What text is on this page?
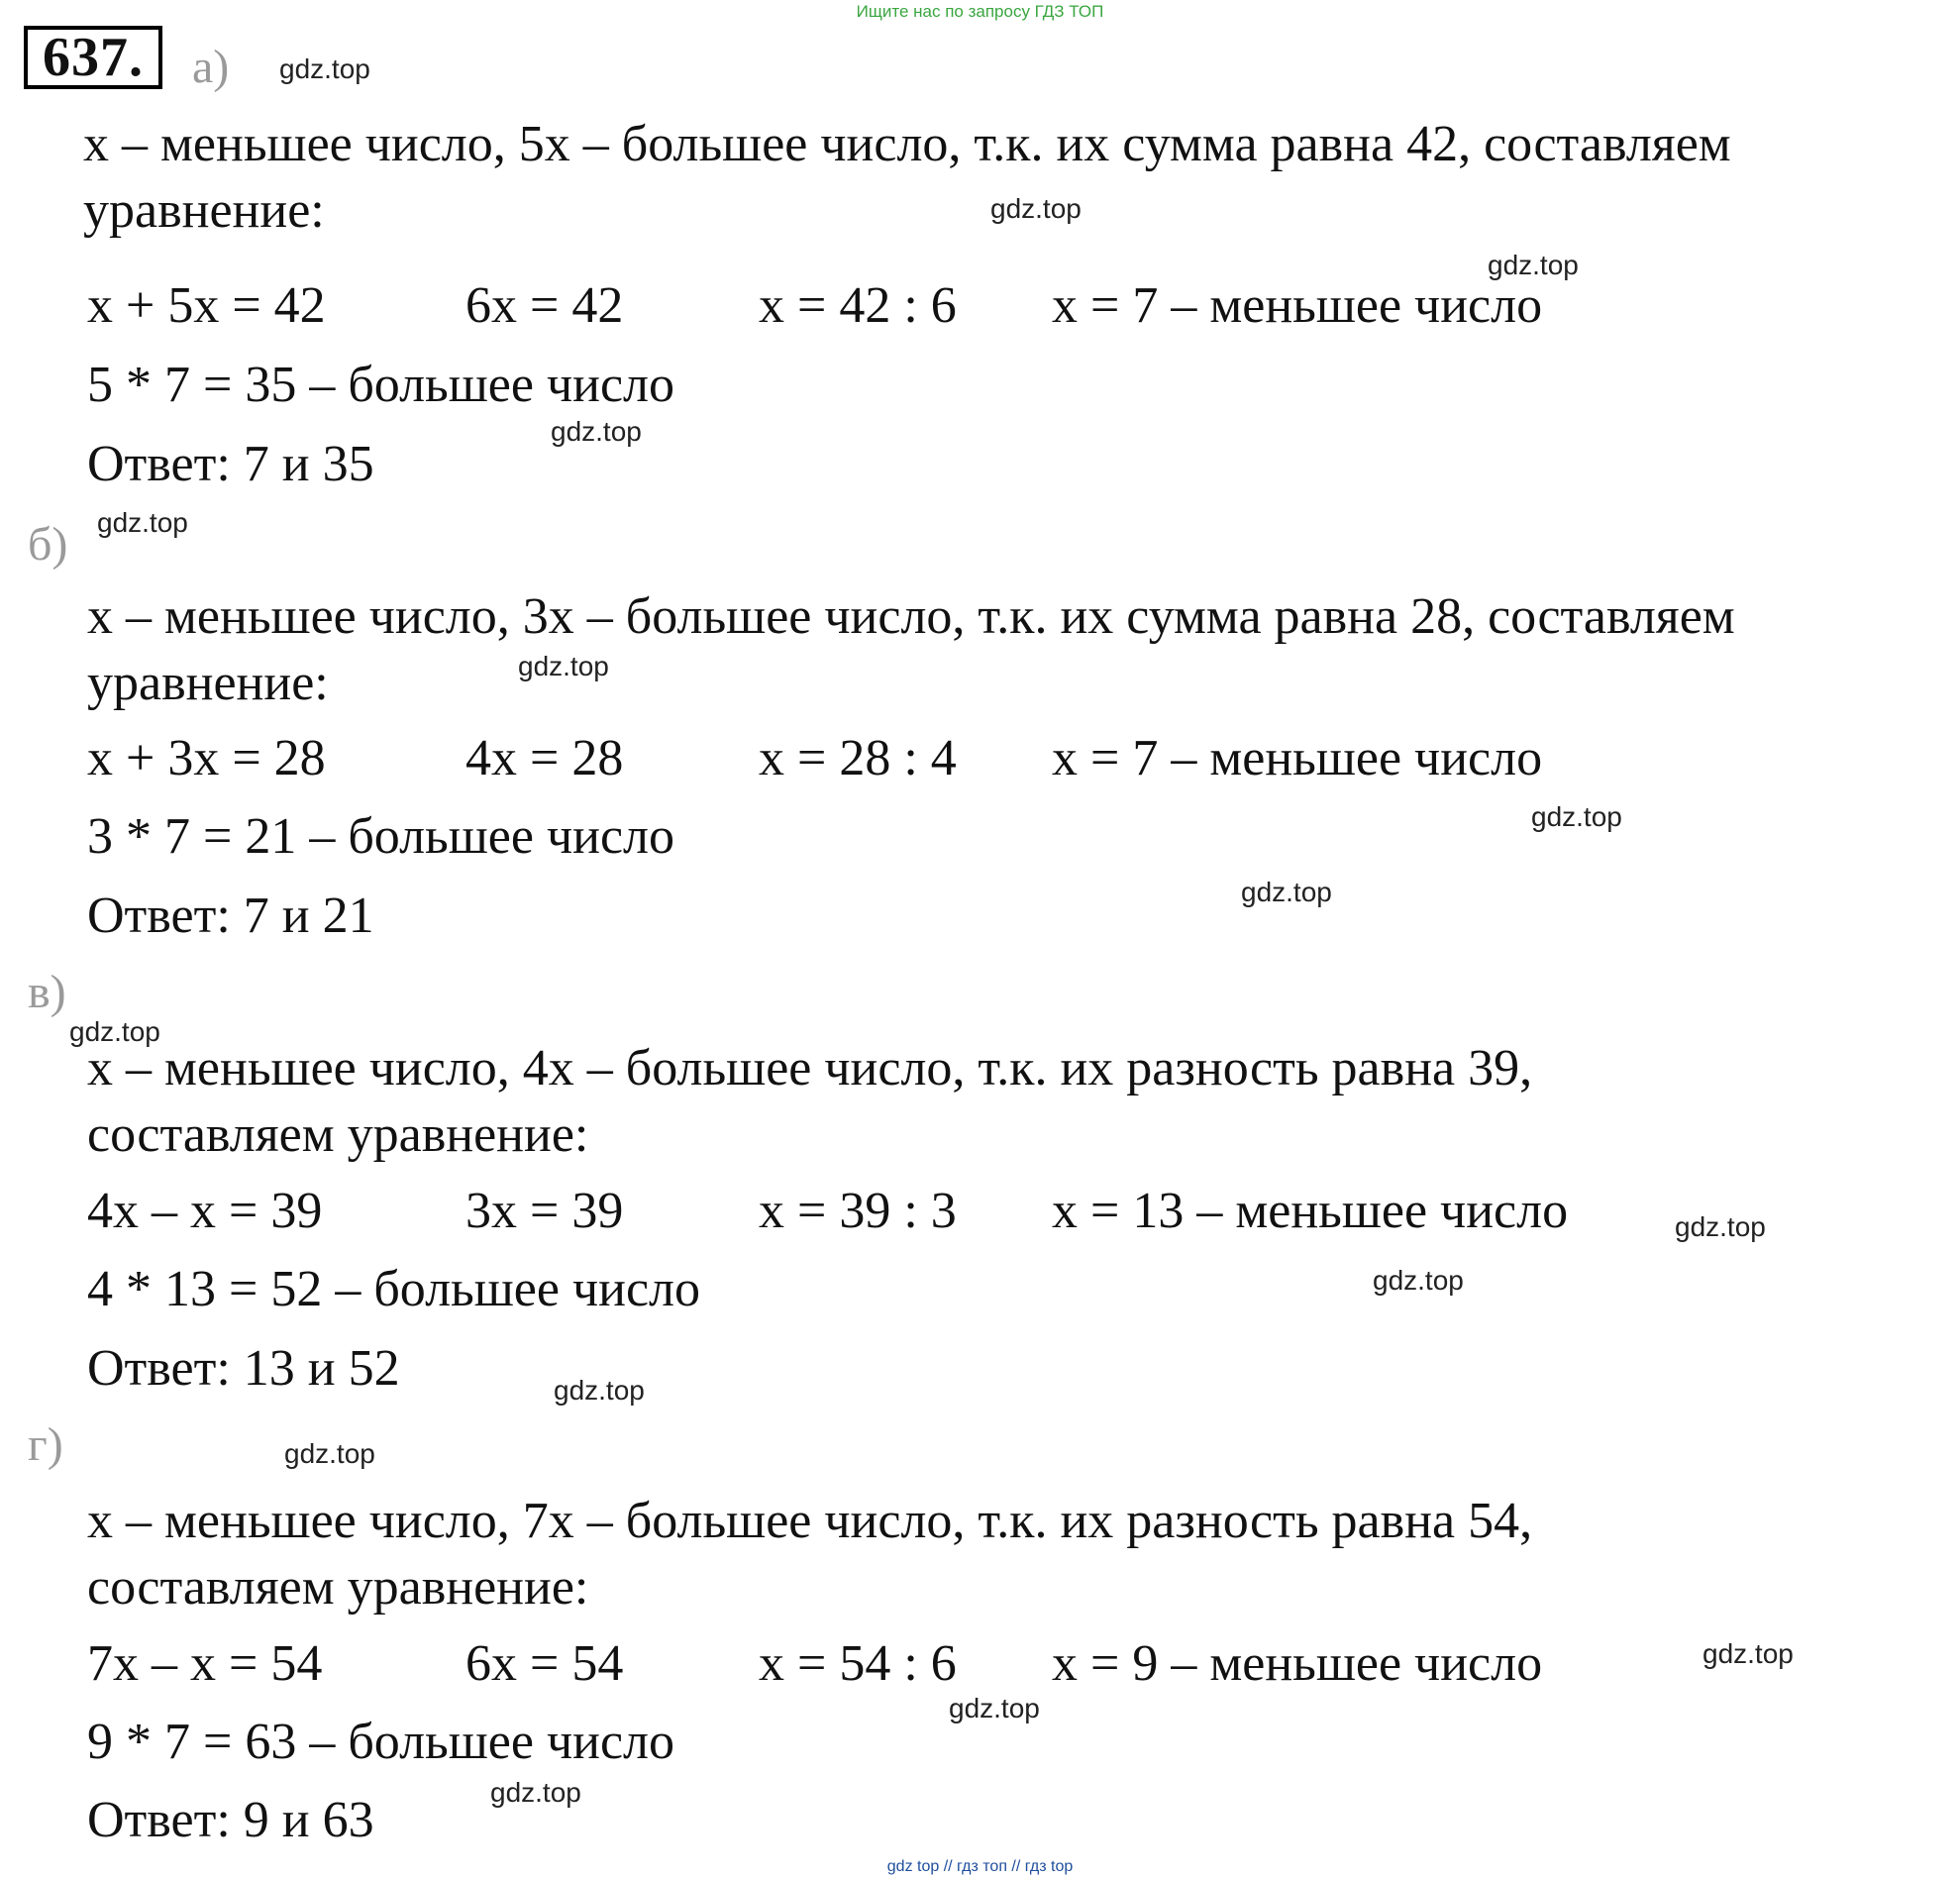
Ищите нас по запросу ГДЗ ТОП
637.	а)
x – меньшее число, 5x – большее число, т.к. их сумма равна 42, составляем
уравнение:
x + 5x = 42	6x = 42	x = 42 : 6 x = 7 – меньшее число
5 * 7 = 35 – большее число
Ответ: 7 и 35
б)
x – меньшее число, 3x – большее число, т.к. их сумма равна 28, составляем
уравнение:
x + 3x = 28	4x = 28	x = 28 : 4 x = 7 – меньшее число
3 * 7 = 21 – большее число
Ответ: 7 и 21
в)
x – меньшее число, 4x – большее число, т.к. их разность равна 39,
составляем уравнение:
4x – x = 39	3x = 39	x = 39 : 3 x = 13 – меньшее число
4 * 13 = 52 – большее число
Ответ: 13 и 52
г)
x – меньшее число, 7x – большее число, т.к. их разность равна 54,
составляем уравнение:
7x – x = 54	6x = 54	x = 54 : 6 x = 9 – меньшее число
9 * 7 = 63 – большее число
Ответ: 9 и 63
gdz.top
gdz.top
gdz.top
gdz.top
gdz.top
gdz.top
gdz.top
gdz.top
gdz.top
gdz.top
gdz.top
gdz.top
gdz.top
gdz.top
gdz.top
gdz.top
gdz top // гдз топ // гдз top
